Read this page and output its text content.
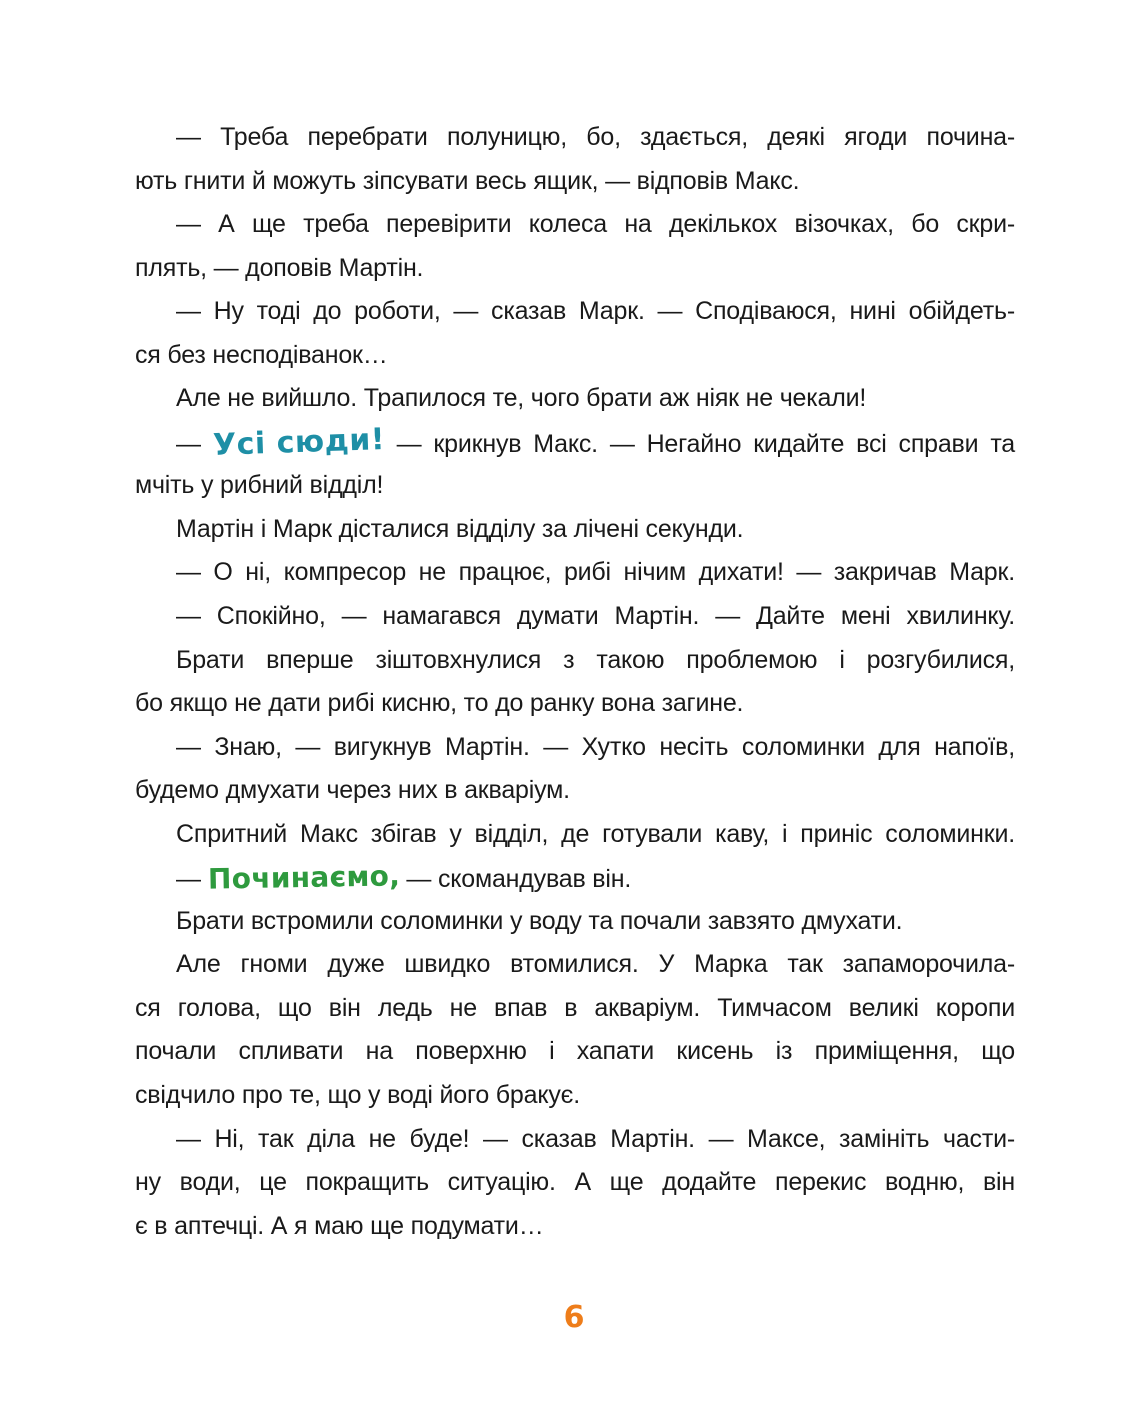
— Треба перебрати полуницю, бо, здається, деякі ягоди почина-
ють гнити й можуть зіпсувати весь ящик, — відповів Макс.
— А ще треба перевірити колеса на декількох візочках, бо скри-
плять, — доповів Мартін.
— Ну тоді до роботи, — сказав Марк. — Сподіваюся, нині обійдеть-
ся без несподіванок…
Але не вийшло. Трапилося те, чого брати аж ніяк не чекали!
— Усі сюди! — крикнув Макс. — Негайно кидайте всі справи та
мчіть у рибний відділ!
Мартін і Марк дісталися відділу за лічені секунди.
— О ні, компресор не працює, рибі нічим дихати! — закричав Марк.
— Спокійно, — намагався думати Мартін. — Дайте мені хвилинку.
Брати вперше зіштовхнулися з такою проблемою і розгубилися,
бо якщо не дати рибі кисню, то до ранку вона загине.
— Знаю, — вигукнув Мартін. — Хутко несіть соломинки для напоїв,
будемо дмухати через них в акваріум.
Спритний Макс збігав у відділ, де готували каву, і приніс соломинки.
— Починаємо, — скомандував він.
Брати встромили соломинки у воду та почали завзято дмухати.
Але гноми дуже швидко втомилися. У Марка так запаморочила-
ся голова, що він ледь не впав в акваріум. Тимчасом великі коропи
почали спливати на поверхню і хапати кисень із приміщення, що
свідчило про те, що у воді його бракує.
— Ні, так діла не буде! — сказав Мартін. — Максе, замініть части-
ну води, це покращить ситуацію. А ще додайте перекис водню, він
є в аптечці. А я маю ще подумати…
6
